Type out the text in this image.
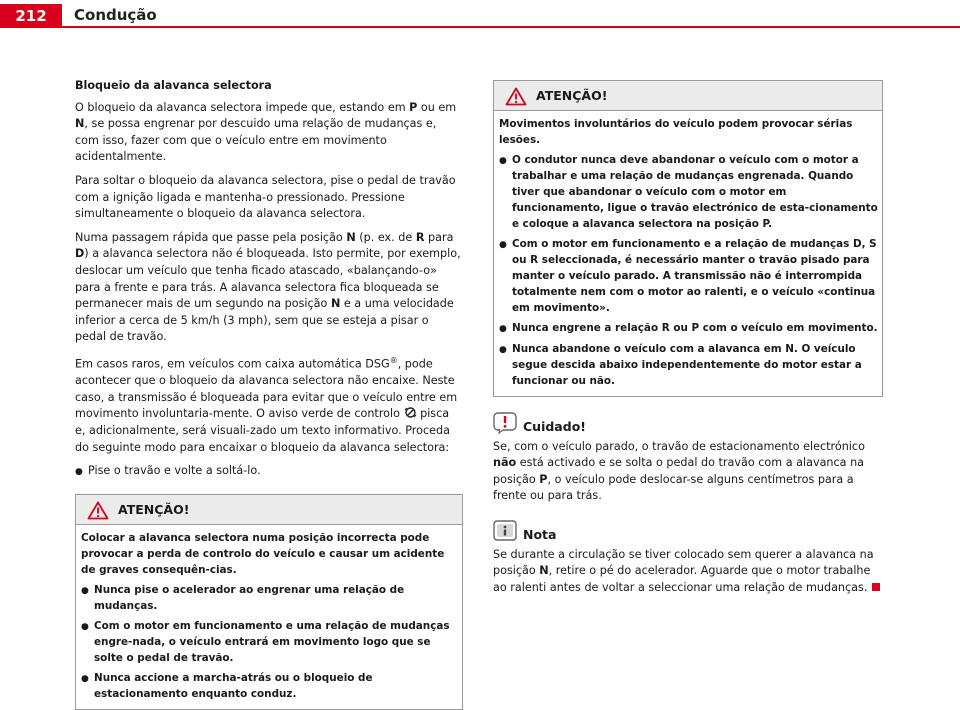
212	Condução
Bloqueio da alavanca selectora

O bloqueio da alavanca selectora impede que, estando em P ou em N, se possa engrenar por descuido uma relação de mudanças e, com isso, fazer com que o veículo entre em movimento acidentalmente.

Para soltar o bloqueio da alavanca selectora, pise o pedal de travão com a ignição ligada e mantenha-o pressionado. Pressione simultaneamente o bloqueio da alavanca selectora.

Numa passagem rápida que passe pela posição N (p. ex. de R para D) a alavanca selectora não é bloqueada. Isto permite, por exemplo, deslocar um veículo que tenha ficado atascado, «balançando-o» para a frente e para trás. A alavanca selectora fica bloqueada se permanecer mais de um segundo na posição N e a uma velocidade inferior a cerca de 5 km/h (3 mph), sem que se esteja a pisar o pedal de travão.

Em casos raros, em veículos com caixa automática DSG®, pode acontecer que o bloqueio da alavanca selectora não encaixe. Neste caso, a transmissão é bloqueada para evitar que o veículo entre em movimento involuntaria-mente. O aviso verde de controlo  pisca e, adicionalmente, será visuali-zado um texto informativo. Proceda do seguinte modo para encaixar o bloqueio da alavanca selectora:

●
Pise o travão e volte a soltá-lo.
ATENÇÃO!

Colocar a alavanca selectora numa posição incorrecta pode provocar a perda de controlo do veículo e causar um acidente de graves consequên-cias.

●
Nunca pise o acelerador ao engrenar uma relação de mudanças.
●
Com o motor em funcionamento e uma relação de mudanças engre-nada, o veículo entrará em movimento logo que se solte o pedal de travão.
●
Nunca accione a marcha-atrás ou o bloqueio de estacionamento enquanto conduz.
ATENÇÃO!

Movimentos involuntários do veículo podem provocar sérias lesões.

●
O condutor nunca deve abandonar o veículo com o motor a trabalhar e uma relação de mudanças engrenada. Quando tiver que abandonar o veículo com o motor em funcionamento, ligue o travão electrónico de esta-cionamento e coloque a alavanca selectora na posição P.
●
Com o motor em funcionamento e a relação de mudanças D, S ou R seleccionada, é necessário manter o travão pisado para manter o veículo parado. A transmissão não é interrompida totalmente nem com o motor ao ralenti, e o veículo «continua em movimento».
●
Nunca engrene a relação R ou P com o veículo em movimento.
●
Nunca abandone o veículo com a alavanca em N. O veículo segue descida abaixo independentemente do motor estar a funcionar ou não.
Cuidado!

Se, com o veículo parado, o travão de estacionamento electrónico não está activado e se solta o pedal do travão com a alavanca na posição P, o veículo pode deslocar-se alguns centímetros para a frente ou para trás.

Nota

Se durante a circulação se tiver colocado sem querer a alavanca na posição N, retire o pé do acelerador. Aguarde que o motor trabalhe ao ralenti antes de voltar a seleccionar uma relação de mudanças.
